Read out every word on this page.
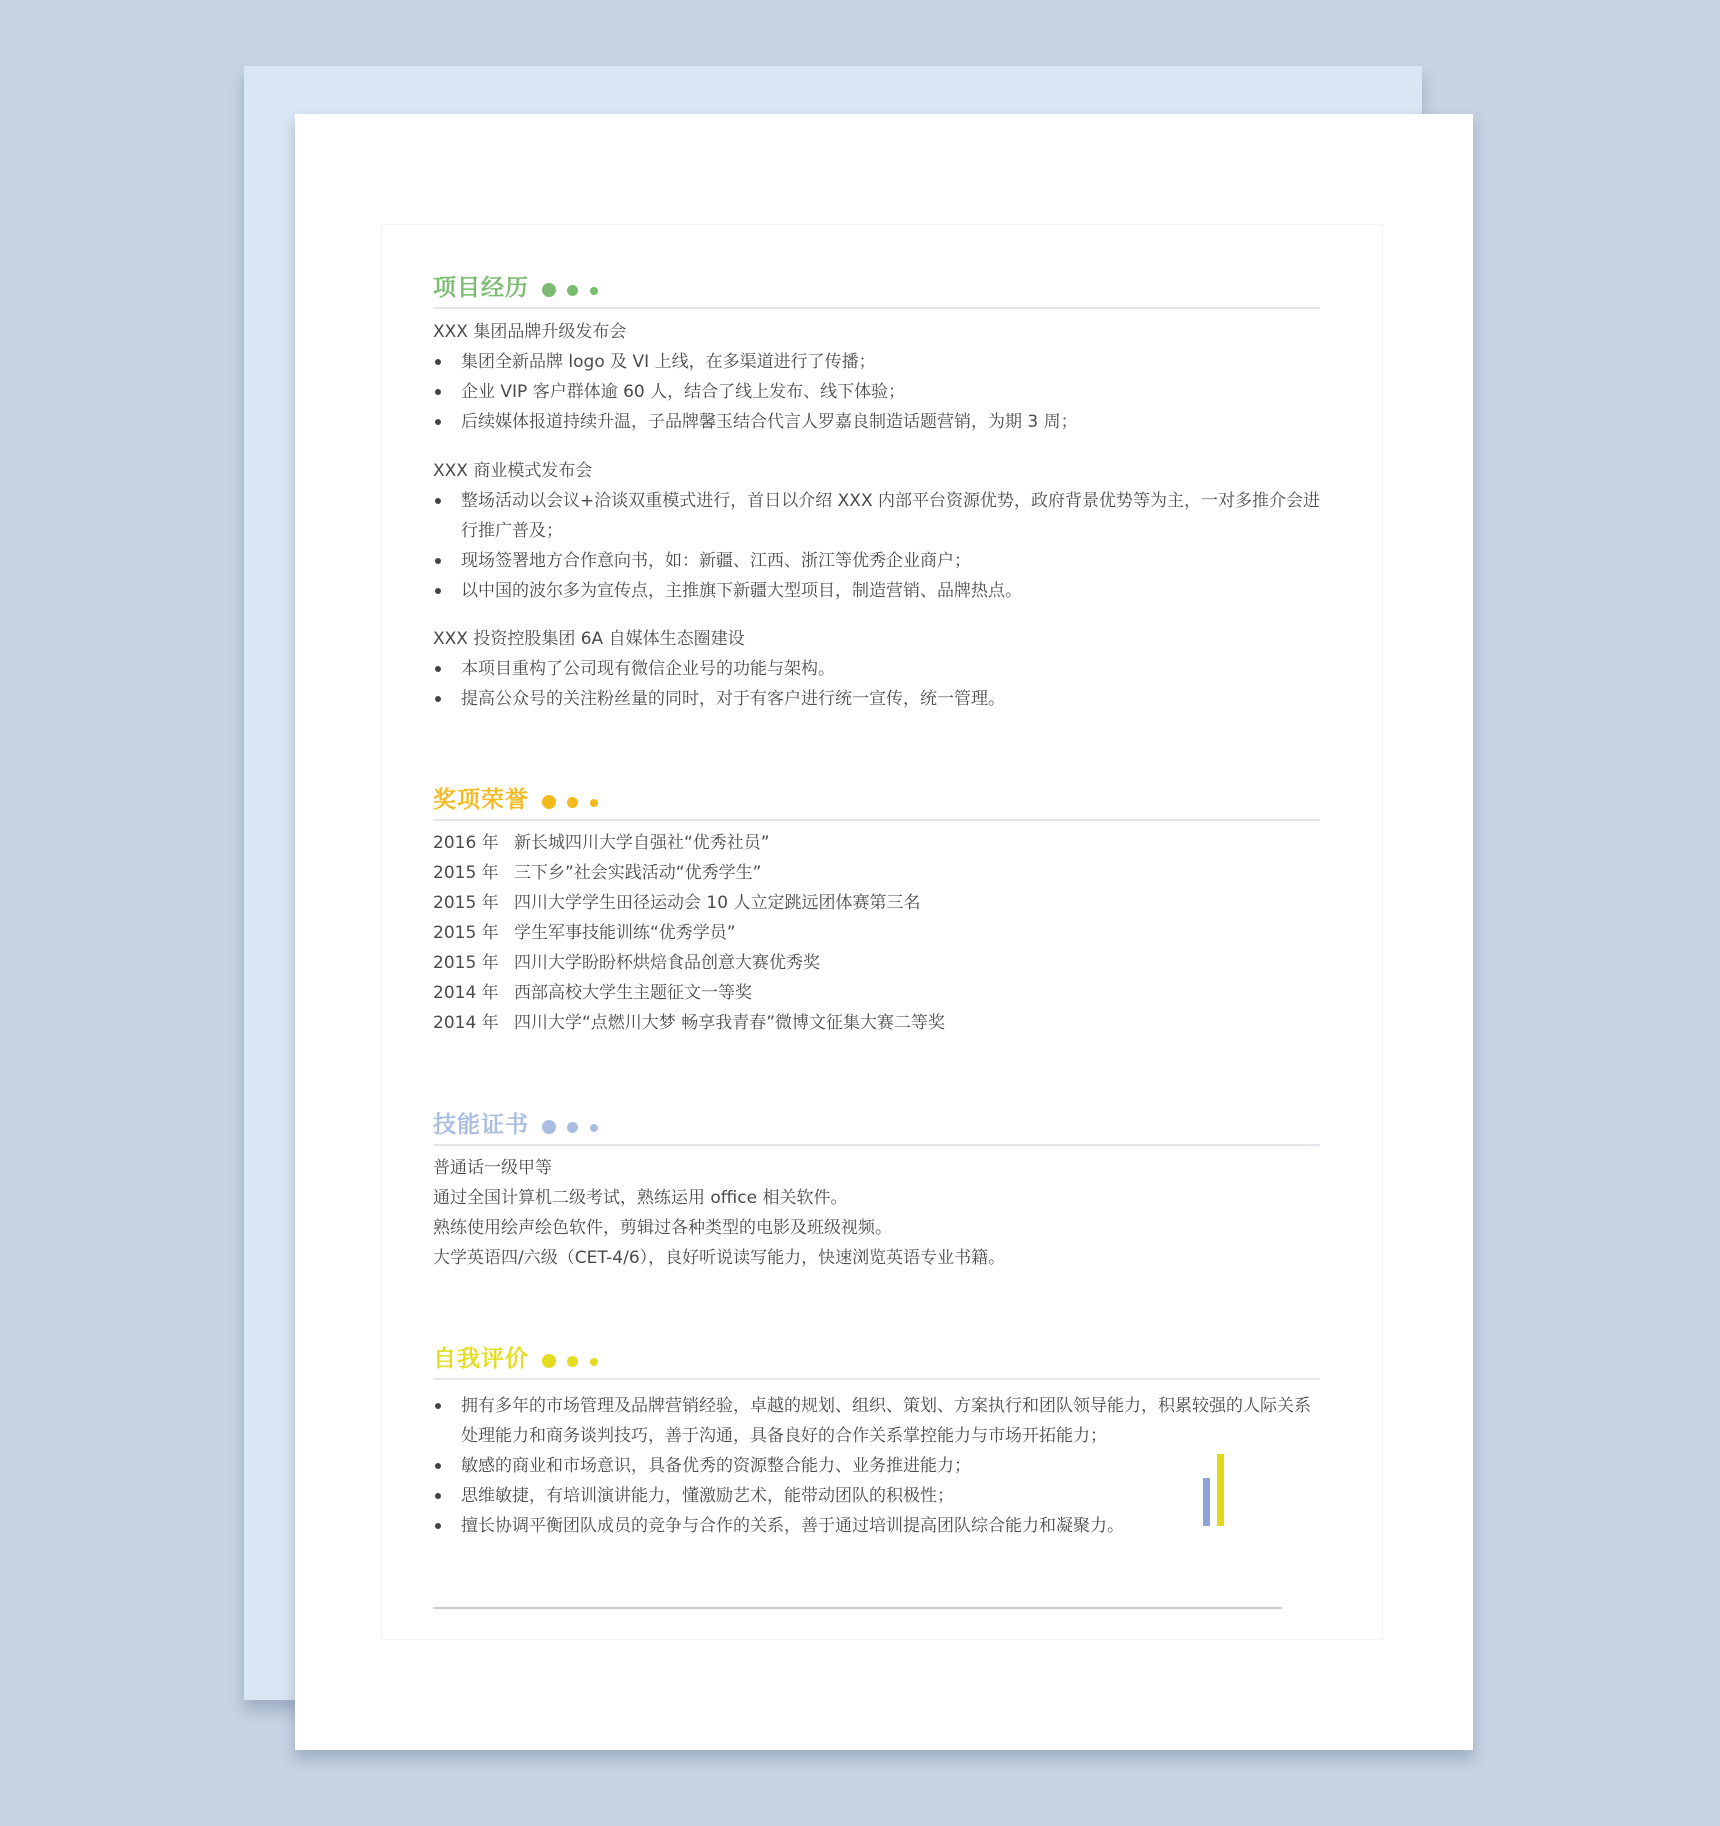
项目经历
XXX 集团品牌升级发布会
集团全新品牌 logo 及 VI 上线，在多渠道进行了传播；
企业 VIP 客户群体逾 60 人，结合了线上发布、线下体验；
后续媒体报道持续升温，子品牌馨玉结合代言人罗嘉良制造话题营销，为期 3 周；
XXX 商业模式发布会
整场活动以会议+洽谈双重模式进行，首日以介绍 XXX 内部平台资源优势，政府背景优势等为主，一对多推介会进行推广普及；
现场签署地方合作意向书，如：新疆、江西、浙江等优秀企业商户；
以中国的波尔多为宣传点，主推旗下新疆大型项目，制造营销、品牌热点。
XXX 投资控股集团 6A 自媒体生态圈建设
本项目重构了公司现有微信企业号的功能与架构。
提高公众号的关注粉丝量的同时，对于有客户进行统一宣传，统一管理。
奖项荣誉
2016 年 新长城四川大学自强社“优秀社员”
2015 年 三下乡”社会实践活动“优秀学生”
2015 年 四川大学学生田径运动会 10 人立定跳远团体赛第三名
2015 年 学生军事技能训练“优秀学员”
2015 年 四川大学盼盼杯烘焙食品创意大赛优秀奖
2014 年 西部高校大学生主题征文一等奖
2014 年 四川大学“点燃川大梦 畅享我青春”微博文征集大赛二等奖
技能证书
普通话一级甲等
通过全国计算机二级考试，熟练运用 office 相关软件。
熟练使用绘声绘色软件，剪辑过各种类型的电影及班级视频。
大学英语四/六级（CET-4/6），良好听说读写能力，快速浏览英语专业书籍。
自我评价
拥有多年的市场管理及品牌营销经验，卓越的规划、组织、策划、方案执行和团队领导能力，积累较强的人际关系处理能力和商务谈判技巧，善于沟通，具备良好的合作关系掌控能力与市场开拓能力；
敏感的商业和市场意识，具备优秀的资源整合能力、业务推进能力；
思维敏捷，有培训演讲能力，懂激励艺术，能带动团队的积极性；
擅长协调平衡团队成员的竞争与合作的关系，善于通过培训提高团队综合能力和凝聚力。
